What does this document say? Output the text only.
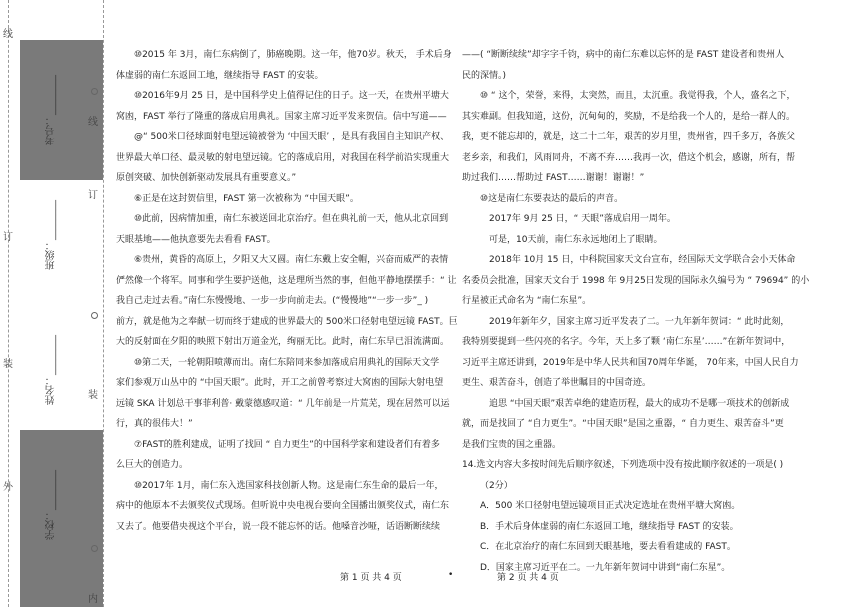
线
订
装
外
线
订
装
内
学校：________
姓名：________
班级：________
考号：________

⑩2015 年 3月，南仁东病倒了，肺癌晚期。这一年，他70岁。秋天， 手术后身

体虚弱的南仁东返回工地，继续指导 FAST 的安装。

⑩2016年9月 25 日，是中国科学史上值得记住的日子。这一天，在贵州平塘大

窝凼，FAST 举行了隆重的落成启用典礼。国家主席习近平发来贺信。信中写道——

@“ 500米口径球面射电望远镜被誉为 ‘中国天眼’ ，是具有我国自主知识产权、

世界最大单口径、最灵敏的射电望远镜。它的落成启用，对我国在科学前沿实现重大

原创突破、加快创新驱动发展具有重要意义。”

⑥正是在这封贺信里，FAST 第一次被称为 “中国天眼”。

⑩此前，因病情加重，南仁东被送回北京治疗。但在典礼前一天，他从北京回到

天眼基地——他执意要先去看看 FAST。

⑥贵州，黄昏的高原上，夕阳又大又圆。南仁东戴上安全帽，兴奋而威严的表情

俨然像一个将军。同事和学生要护送他，这是理所当然的事，但他平静地摆摆手：“ 让

我自己走过去看。”南仁东慢慢地、一步一步向前走去。(“慢慢地”“一步一步”_ )

前方，就是他为之奉献一切而终于建成的世界最大的 500米口径射电望远镜 FAST。巨

大的反射面在夕阳的映照下射出万道金光，绚丽无比。此时，南仁东早已泪流满面。

⑩第二天，一轮朝阳喷薄而出。南仁东陪同来参加落成启用典礼的国际天文学

家们参观万山丛中的 “中国天眼”。此时，开工之前曾考察过大窝凼的国际大射电望

远镜 SKA 计划总干事菲利普· 戴蒙德感叹道：“ 几年前是一片荒芜，现在居然可以运

行，真的很伟大！”

⑦FAST的胜利建成，证明了找回 “ 自力更生”的中国科学家和建设者们有着多

么巨大的创造力。

⑩2017年 1月，南仁东入选国家科技创新人物。这是南仁东生命的最后一年，

病中的他原本不去颁奖仪式现场。但听说中央电视台要向全国播出颁奖仪式，南仁东

又去了。他要借央视这个平台，说一段不能忘怀的话。他嗓音沙哑，话语断断续续

——( “断断续续”却字字千钧，病中的南仁东难以忘怀的是 FAST 建设者和贵州人

民的深情。)

⑩ “ 这个，荣誉，来得，太突然，而且，太沉重。我觉得我，个人，盛名之下，

其实难副。但我知道，这份，沉甸甸的，奖励，不是给我一个人的，是给一群人的。

我，更不能忘却的，就是，这二十二年，艰苦的岁月里，贵州省，四千多万，各族父

老乡亲，和我们，风雨同舟，不离不弃……我再一次，借这个机会，感谢，所有，帮

助过我们……帮助过 FAST……谢谢！谢谢！”

⑩这是南仁东要表达的最后的声音。

2017年 9月 25 日，“ 天眼”落成启用一周年。

可是，10天前，南仁东永远地闭上了眼睛。

2018年 10月 15 日，中科院国家天文台宣布，经国际天文学联合会小天体命

名委员会批准，国家天文台于 1998 年 9月25日发现的国际永久编号为 “ 79694” 的小

行星被正式命名为 “南仁东星”。

2019年新年夕，国家主席习近平发表了二。一九年新年贺词：“ 此时此刻，

我特别要提到一些闪亮的名字。今年，天上多了颗 ‘南仁东星’……”在新年贺词中，

习近平主席还讲到，2019年是中华人民共和国70周年华诞， 70年来，中国人民自力

更生、艰苦奋斗，创造了举世瞩目的中国奇迹。

追思 “中国天眼”艰苦卓绝的建造历程，最大的成功不是哪一项技术的创新成

就，而是找回了 “自力更生”。“中国天眼”是国之重器，“ 自力更生、艰苦奋斗”更

是我们宝贵的国之重器。

14.选文内容大多按时间先后顺序叙述，下列选项中没有按此顺序叙述的一项是( )

（2分）

A．500 米口径射电望远镜项目正式决定选址在贵州平塘大窝凼。

B．手术后身体虚弱的南仁东返回工地，继续指导 FAST 的安装。

C．在北京治疗的南仁东回到天眼基地，要去看看建成的 FAST。

D．国家主席习近平在二。一九年新年贺词中讲到“南仁东星”。

第 1 页 共 4 页	•	第 2 页 共 4 页
